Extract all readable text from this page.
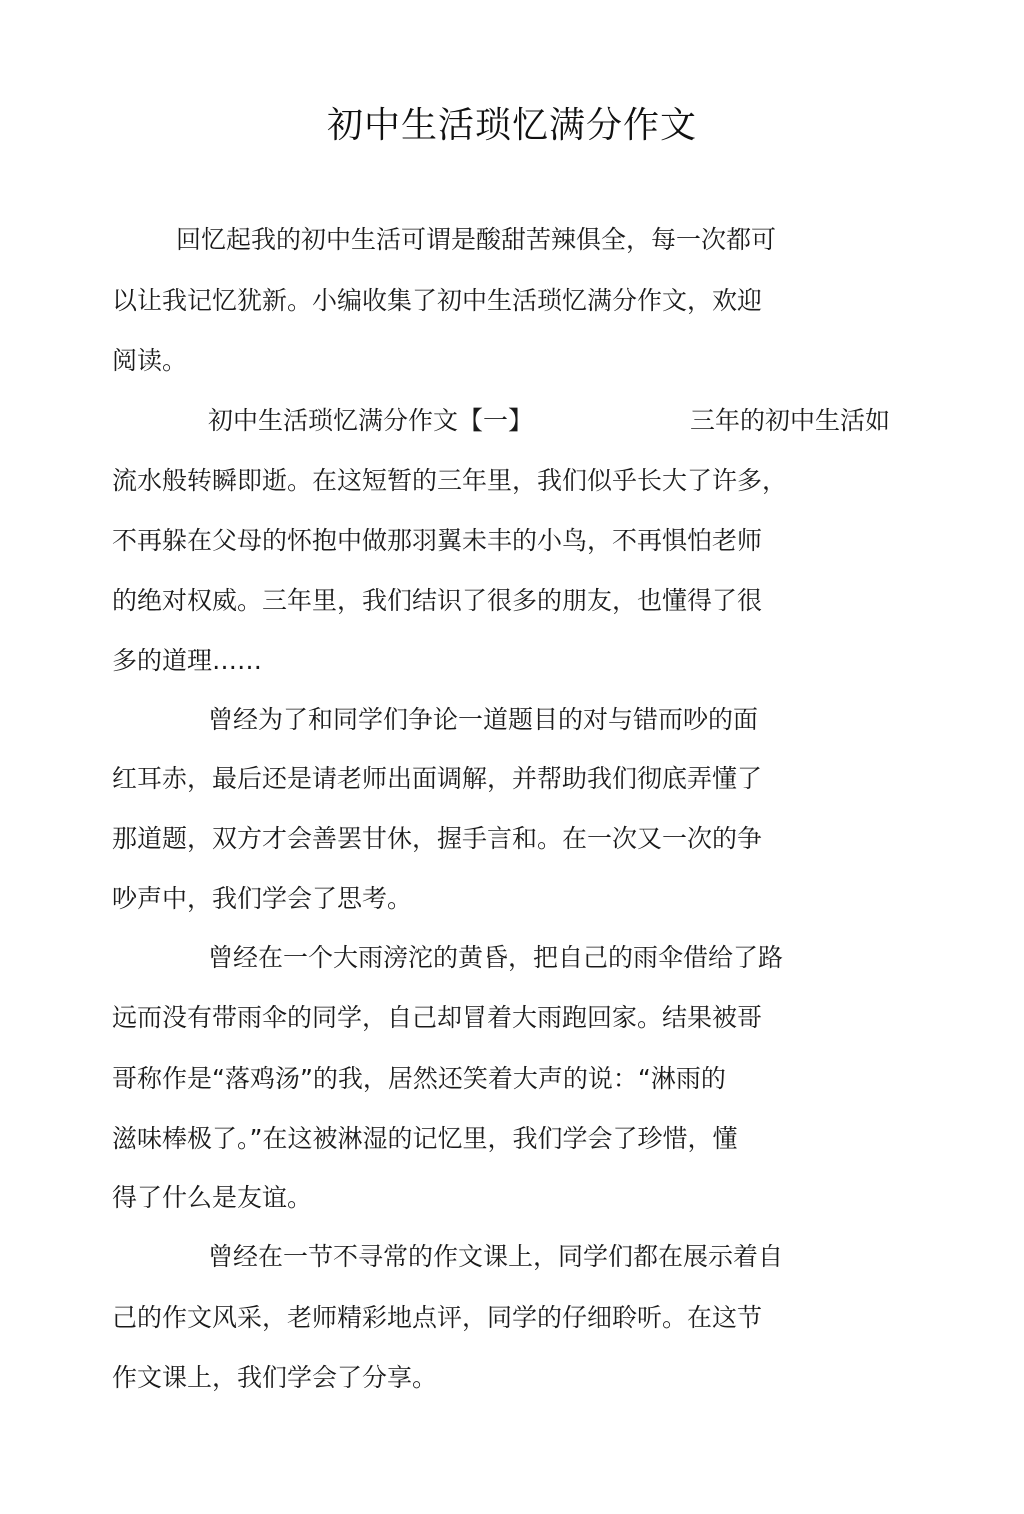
初中生活琐忆满分作文
回忆起我的初中生活可谓是酸甜苦辣俱全，每一次都可
以让我记忆犹新。小编收集了初中生活琐忆满分作文，欢迎
阅读。
初中生活琐忆满分作文【一】	三年的初中生活如
流水般转瞬即逝。在这短暂的三年里，我们似乎长大了许多，
不再躲在父母的怀抱中做那羽翼未丰的小鸟，不再惧怕老师
的绝对权威。三年里，我们结识了很多的朋友，也懂得了很
多的道理……
曾经为了和同学们争论一道题目的对与错而吵的面
红耳赤，最后还是请老师出面调解，并帮助我们彻底弄懂了
那道题，双方才会善罢甘休，握手言和。在一次又一次的争
吵声中，我们学会了思考。
曾经在一个大雨滂沱的黄昏，把自己的雨伞借给了路
远而没有带雨伞的同学，自己却冒着大雨跑回家。结果被哥
哥称作是“落鸡汤”的我，居然还笑着大声的说：“淋雨的
滋味棒极了。”在这被淋湿的记忆里，我们学会了珍惜，懂
得了什么是友谊。
曾经在一节不寻常的作文课上，同学们都在展示着自
己的作文风采，老师精彩地点评，同学的仔细聆听。在这节
作文课上，我们学会了分享。
